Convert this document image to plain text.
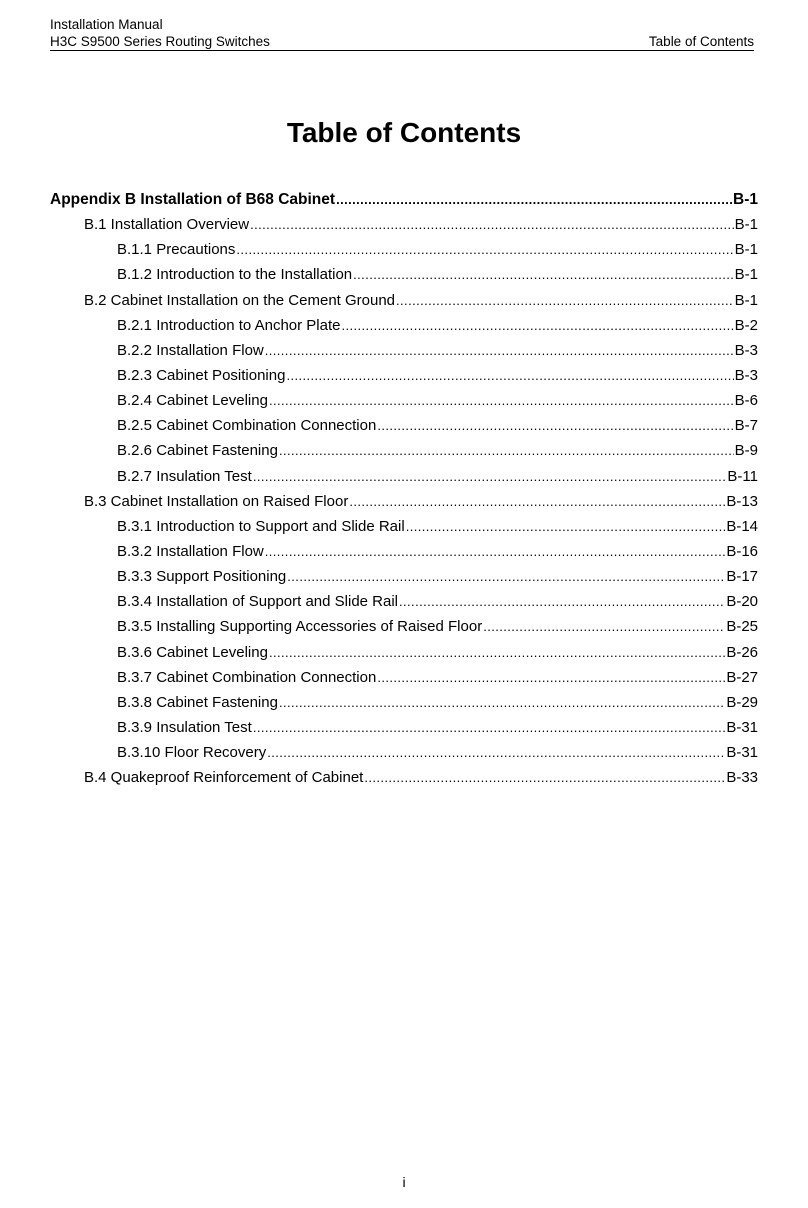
Installation Manual
H3C S9500 Series Routing Switches	Table of Contents
Table of Contents
Appendix B Installation of B68 Cabinet .....	B-1
B.1 Installation Overview .....	B-1
B.1.1 Precautions .....	B-1
B.1.2 Introduction to the Installation .....	B-1
B.2 Cabinet Installation on the Cement Ground .....	B-1
B.2.1 Introduction to Anchor Plate .....	B-2
B.2.2 Installation Flow .....	B-3
B.2.3 Cabinet Positioning .....	B-3
B.2.4 Cabinet Leveling .....	B-6
B.2.5 Cabinet Combination Connection .....	B-7
B.2.6 Cabinet Fastening .....	B-9
B.2.7 Insulation Test .....	B-11
B.3 Cabinet Installation on Raised Floor .....	B-13
B.3.1 Introduction to Support and Slide Rail .....	B-14
B.3.2 Installation Flow .....	B-16
B.3.3 Support Positioning .....	B-17
B.3.4 Installation of Support and Slide Rail .....	B-20
B.3.5 Installing Supporting Accessories of Raised Floor .....	B-25
B.3.6 Cabinet Leveling .....	B-26
B.3.7 Cabinet Combination Connection .....	B-27
B.3.8 Cabinet Fastening .....	B-29
B.3.9 Insulation Test .....	B-31
B.3.10 Floor Recovery .....	B-31
B.4 Quakeproof Reinforcement of Cabinet .....	B-33
i
